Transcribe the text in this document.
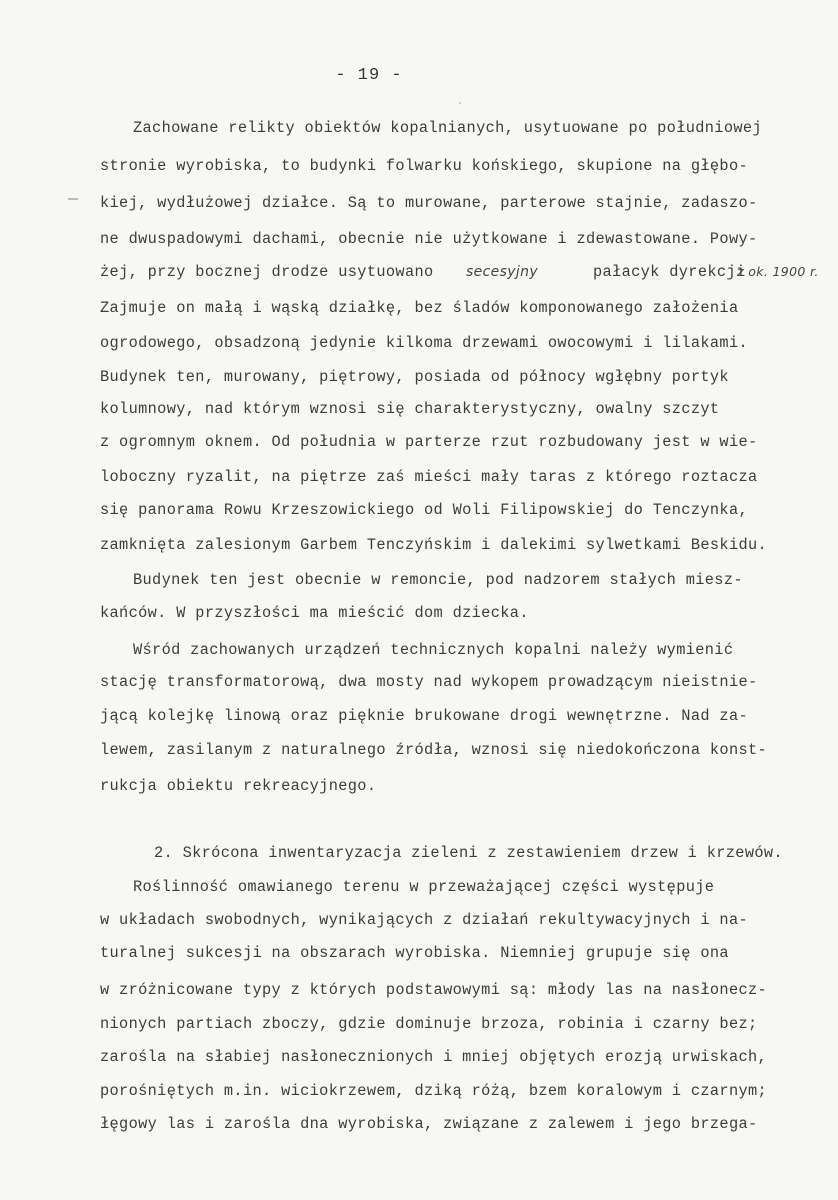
- 19 -
Zachowane relikty obiektów kopalnianych, usytuowane po południowej
stronie wyrobiska, to budynki folwarku końskiego, skupione na głębo-
kiej, wydłużowej działce. Są to murowane, parterowe stajnie, zadaszo-
ne dwuspadowymi dachami, obecnie nie użytkowane i zdewastowane. Powy-
żej, przy bocznej drodze usytuowano secesyjny	pałacyk dyrekcji
z ok. 1900 r.
Zajmuje on małą i wąską działkę, bez śladów komponowanego założenia
ogrodowego, obsadzoną jedynie kilkoma drzewami owocowymi i lilakami.
Budynek ten, murowany, piętrowy, posiada od północy wgłębny portyk
kolumnowy, nad którym wznosi się charakterystyczny, owalny szczyt
z ogromnym oknem. Od południa w parterze rzut rozbudowany jest w wie-
loboczny ryzalit, na piętrze zaś mieści mały taras z którego roztacza
się panorama Rowu Krzeszowickiego od Woli Filipowskiej do Tenczynka,
zamknięta zalesionym Garbem Tenczyńskim i dalekimi sylwetkami Beskidu.
Budynek ten jest obecnie w remoncie, pod nadzorem stałych miesz-
kańców. W przyszłości ma mieścić dom dziecka.
Wśród zachowanych urządzeń technicznych kopalni należy wymienić
stację transformatorową, dwa mosty nad wykopem prowadzącym nieistnie-
jącą kolejkę linową oraz pięknie brukowane drogi wewnętrzne. Nad za-
lewem, zasilanym z naturalnego źródła, wznosi się niedokończona konst-
rukcja obiektu rekreacyjnego.
2. Skrócona inwentaryzacja zieleni z zestawieniem drzew i krzewów.
Roślinność omawianego terenu w przeważającej części występuje
w układach swobodnych, wynikających z działań rekultywacyjnych i na-
turalnej sukcesji na obszarach wyrobiska. Niemniej grupuje się ona
w zróżnicowane typy z których podstawowymi są: młody las na nasłonecz-
nionych partiach zboczy, gdzie dominuje brzoza, robinia i czarny bez;
zarośla na słabiej nasłonecznionych i mniej objętych erozją urwiskach,
porośniętych m.in. wiciokrzewem, dziką różą, bzem koralowym i czarnym;
łęgowy las i zarośla dna wyrobiska, związane z zalewem i jego brzega-
